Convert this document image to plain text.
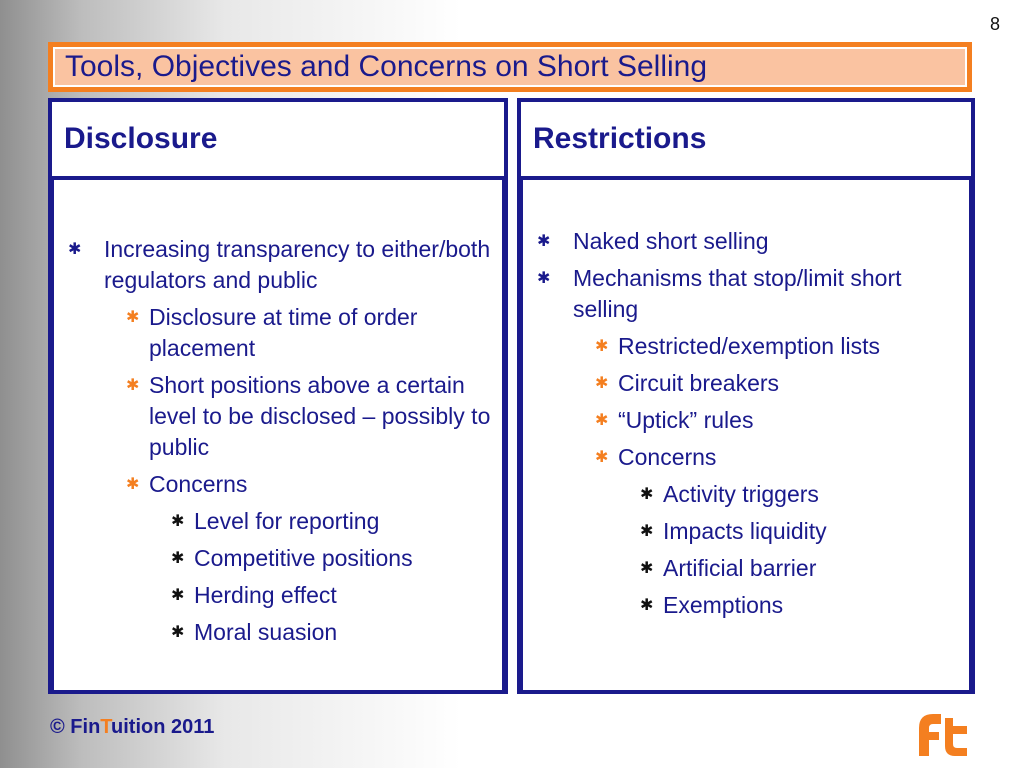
8
Tools, Objectives and Concerns on Short Selling
Disclosure
✱ Increasing transparency to either/both regulators and public
✱ Disclosure at time of order placement
✱ Short positions above a certain level to be disclosed – possibly to public
✱ Concerns
✱ Level for reporting
✱ Competitive positions
✱ Herding effect
✱ Moral suasion
Restrictions
✱ Naked short selling
✱ Mechanisms that stop/limit short selling
✱ Restricted/exemption lists
✱ Circuit breakers
✱ “Uptick” rules
✱ Concerns
✱ Activity triggers
✱ Impacts liquidity
✱ Artificial barrier
✱ Exemptions
© FinTuition 2011
